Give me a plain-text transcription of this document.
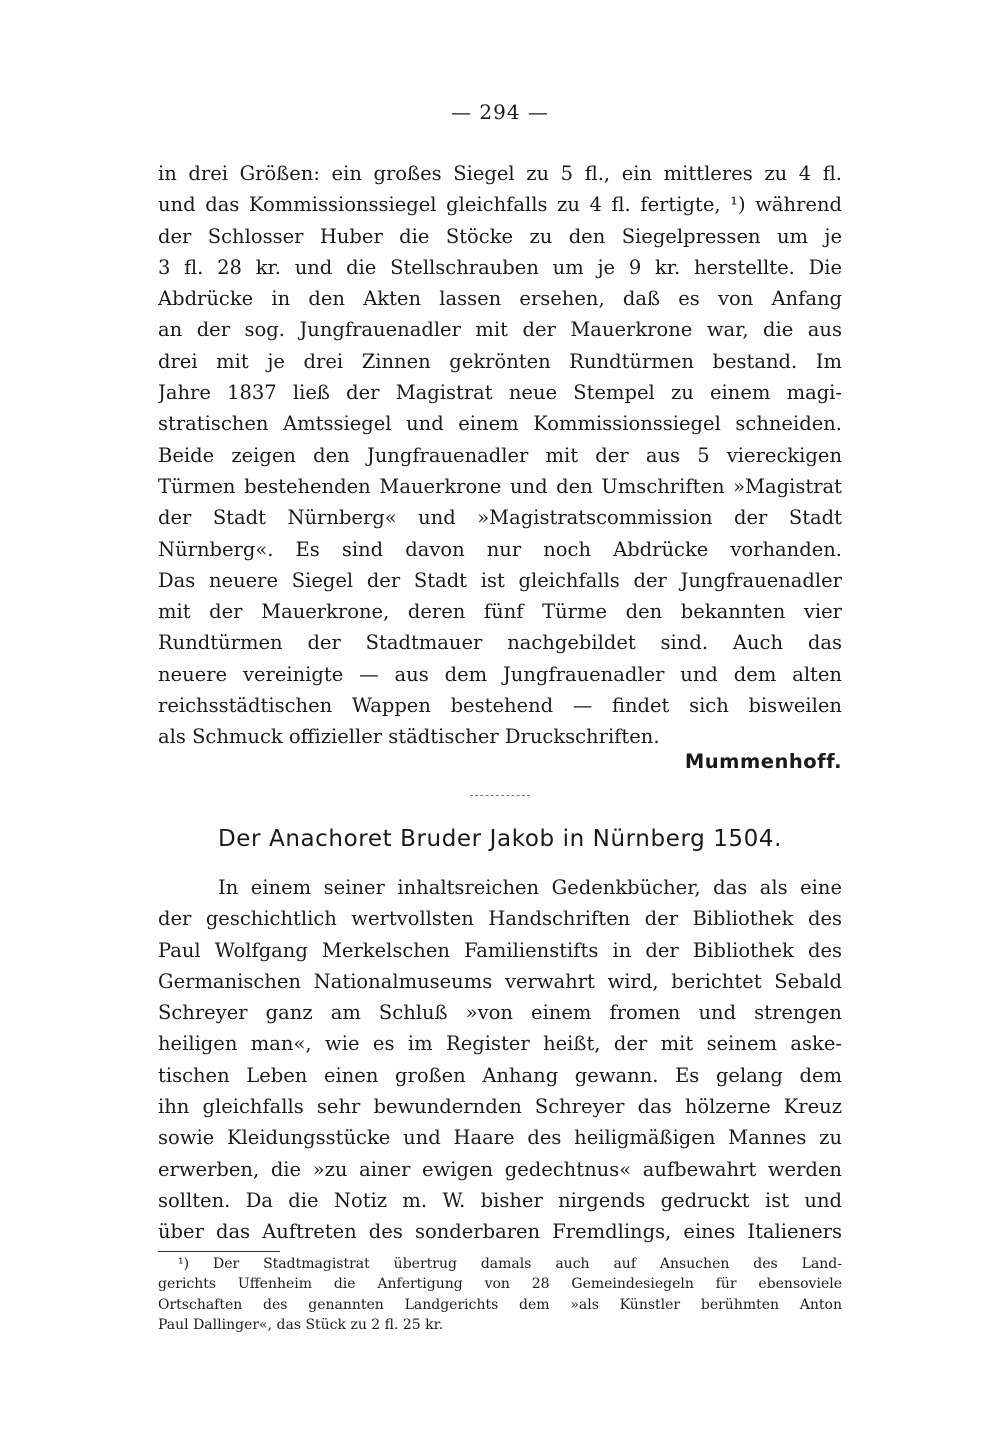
— 294 —
in drei Größen: ein großes Siegel zu 5 fl., ein mittleres zu 4 fl.
und das Kommissionssiegel gleichfalls zu 4 fl. fertigte, ¹) während
der Schlosser Huber die Stöcke zu den Siegelpressen um je
3 fl. 28 kr. und die Stellschrauben um je 9 kr. herstellte. Die
Abdrücke in den Akten lassen ersehen, daß es von Anfang
an der sog. Jungfrauenadler mit der Mauerkrone war, die aus
drei mit je drei Zinnen gekrönten Rundtürmen bestand. Im
Jahre 1837 ließ der Magistrat neue Stempel zu einem magi-
stratischen Amtssiegel und einem Kommissionssiegel schneiden.
Beide zeigen den Jungfrauenadler mit der aus 5 viereckigen
Türmen bestehenden Mauerkrone und den Umschriften »Magistrat
der Stadt Nürnberg« und »Magistratscommission der Stadt
Nürnberg«. Es sind davon nur noch Abdrücke vorhanden.
Das neuere Siegel der Stadt ist gleichfalls der Jungfrauenadler
mit der Mauerkrone, deren fünf Türme den bekannten vier
Rundtürmen der Stadtmauer nachgebildet sind. Auch das
neuere vereinigte — aus dem Jungfrauenadler und dem alten
reichsstädtischen Wappen bestehend — findet sich bisweilen
als Schmuck offizieller städtischer Druckschriften.
Mummenhoff.
Der Anachoret Bruder Jakob in Nürnberg 1504.
In einem seiner inhaltsreichen Gedenkbücher, das als eine
der geschichtlich wertvollsten Handschriften der Bibliothek des
Paul Wolfgang Merkelschen Familienstifts in der Bibliothek des
Germanischen Nationalmuseums verwahrt wird, berichtet Sebald
Schreyer ganz am Schluß »von einem fromen und strengen
heiligen man«, wie es im Register heißt, der mit seinem aske-
tischen Leben einen großen Anhang gewann. Es gelang dem
ihn gleichfalls sehr bewundernden Schreyer das hölzerne Kreuz
sowie Kleidungsstücke und Haare des heiligmäßigen Mannes zu
erwerben, die »zu ainer ewigen gedechtnus« aufbewahrt werden
sollten. Da die Notiz m. W. bisher nirgends gedruckt ist und
über das Auftreten des sonderbaren Fremdlings, eines Italieners
¹) Der Stadtmagistrat übertrug damals auch auf Ansuchen des Land-
gerichts Uffenheim die Anfertigung von 28 Gemeindesiegeln für ebensoviele
Ortschaften des genannten Landgerichts dem »als Künstler berühmten Anton
Paul Dallinger«, das Stück zu 2 fl. 25 kr.
